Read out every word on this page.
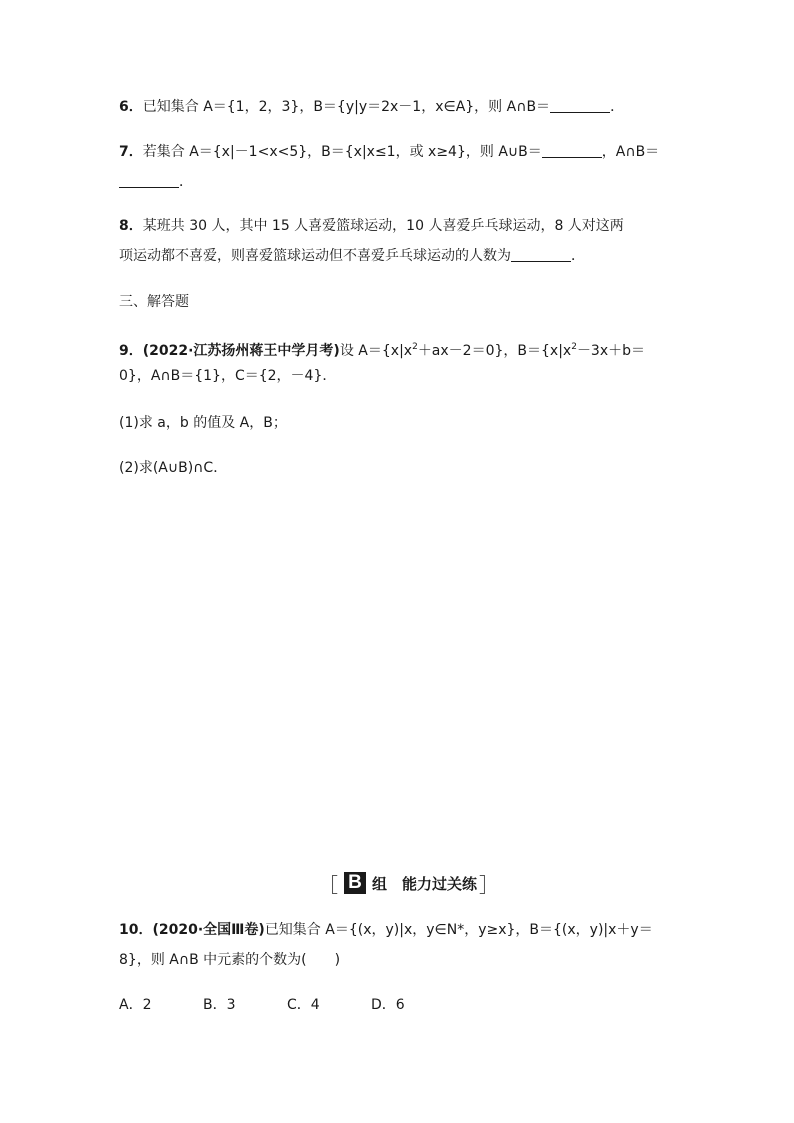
6．已知集合 A＝{1，2，3}，B＝{y|y＝2x－1，x∈A}，则 A∩B＝	．
7．若集合 A＝{x|－1<x<5}，B＝{x|x≤1，或 x≥4}，则 A∪B＝	，A∩B＝
．
8．某班共 30 人，其中 15 人喜爱篮球运动，10 人喜爱乒乓球运动，8 人对这两
项运动都不喜爱，则喜爱篮球运动但不喜爱乒乓球运动的人数为	．
三、解答题
9．(2022·江苏扬州蒋王中学月考)设 $A=\{x|x^2+ax-2=0\}$，$B=\{x|x^2-3x+b=$
0}，A∩B＝{1}，C＝{2，－4}．
(1)求 a，b 的值及 A，B；
(2)求(A∪B)∩C．
［ B 组　能力过关练 ］
10．(2020·全国Ⅲ卷)已知集合 A＝{(x，y)|x，y∈N*，y≥x}，B＝{(x，y)|x＋y＝
8}，则 A∩B 中元素的个数为(　　)
A．2	B．3	C．4	D．6
